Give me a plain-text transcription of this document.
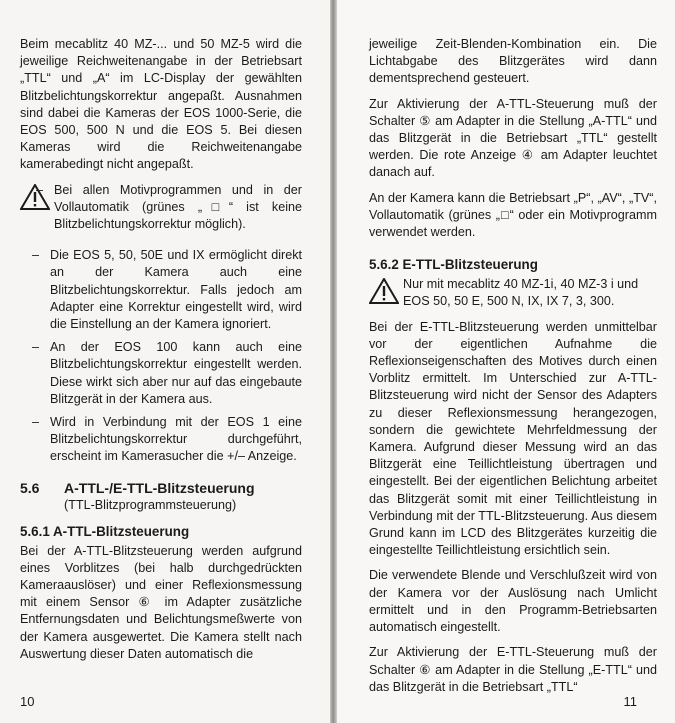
Beim mecablitz 40 MZ-... und 50 MZ-5 wird die jeweilige Reichweitenangabe in der Betriebsart „TTL“ und „A“ im LC-Display der gewählten Blitzbelichtungskorrektur angepaßt. Ausnahmen sind dabei die Kameras der EOS 1000-Serie, die EOS 500, 500 N und die EOS 5. Bei diesen Kameras wird die Reichweitenangabe kamerabedingt nicht angepaßt.

– Bei allen Motivprogrammen und in der Vollautomatik (grünes „□“ ist keine Blitzbelichtungskorrektur möglich).
– Die EOS 5, 50, 50E und IX ermöglicht direkt an der Kamera auch eine Blitzbelichtungskorrektur. Falls jedoch am Adapter eine Korrektur eingestellt wird, wird die Einstellung an der Kamera ignoriert.
– An der EOS 100 kann auch eine Blitzbelichtungskorrektur eingestellt werden. Diese wirkt sich aber nur auf das eingebaute Blitzgerät in der Kamera aus.
– Wird in Verbindung mit der EOS 1 eine Blitzbelichtungskorrektur durchgeführt, erscheint im Kamerasucher die +/– Anzeige.
5.6	A-TTL-/E-TTL-Blitzsteuerung
(TTL-Blitzprogrammsteuerung)
5.6.1 A-TTL-Blitzsteuerung

Bei der A-TTL-Blitzsteuerung werden aufgrund eines Vorblitzes (bei halb durchgedrückten Kameraauslöser) und einer Reflexionsmessung mit einem Sensor ⑥ im Adapter zusätzliche Entfernungsdaten und Belichtungsmeßwerte von der Kamera ausgewertet. Die Kamera stellt nach Auswertung dieser Daten automatisch die

10

jeweilige Zeit-Blenden-Kombination ein. Die Lichtabgabe des Blitzgerätes wird dann dementsprechend gesteuert.

Zur Aktivierung der A-TTL-Steuerung muß der Schalter ⑤ am Adapter in die Stellung „A-TTL“ und das Blitzgerät in die Betriebsart „TTL“ gestellt werden. Die rote Anzeige ④ am Adapter leuchtet danach auf.

An der Kamera kann die Betriebsart „P“, „AV“, „TV“, Vollautomatik (grünes „□“ oder ein Motivprogramm verwendet werden.

5.6.2 E-TTL-Blitzsteuerung
Nur mit mecablitz 40 MZ-1i, 40 MZ-3 i und EOS 50, 50 E, 500 N, IX, IX 7, 3, 300.

Bei der E-TTL-Blitzsteuerung werden unmittelbar vor der eigentlichen Aufnahme die Reflexionseigenschaften des Motives durch einen Vorblitz ermittelt. Im Unterschied zur A-TTL-Blitzsteuerung wird nicht der Sensor des Adapters zu dieser Reflexionsmessung herangezogen, sondern die gewichtete Mehrfeldmessung der Kamera. Aufgrund dieser Messung wird an das Blitzgerät eine Teillichtleistung übertragen und eingestellt. Bei der eigentlichen Belichtung arbeitet das Blitzgerät somit mit einer Teillichtleistung in Verbindung mit der TTL-Blitzsteuerung. Aus diesem Grund kann im LCD des Blitzgerätes kurzeitig die eingestellte Teillichtleistung ersichtlich sein.

Die verwendete Blende und Verschlußzeit wird von der Kamera vor der Auslösung nach Umlicht ermittelt und in den Programm-Betriebsarten automatisch eingestellt.

Zur Aktivierung der E-TTL-Steuerung muß der Schalter ⑥ am Adapter in die Stellung „E-TTL“ und das Blitzgerät in die Betriebsart „TTL“

11
